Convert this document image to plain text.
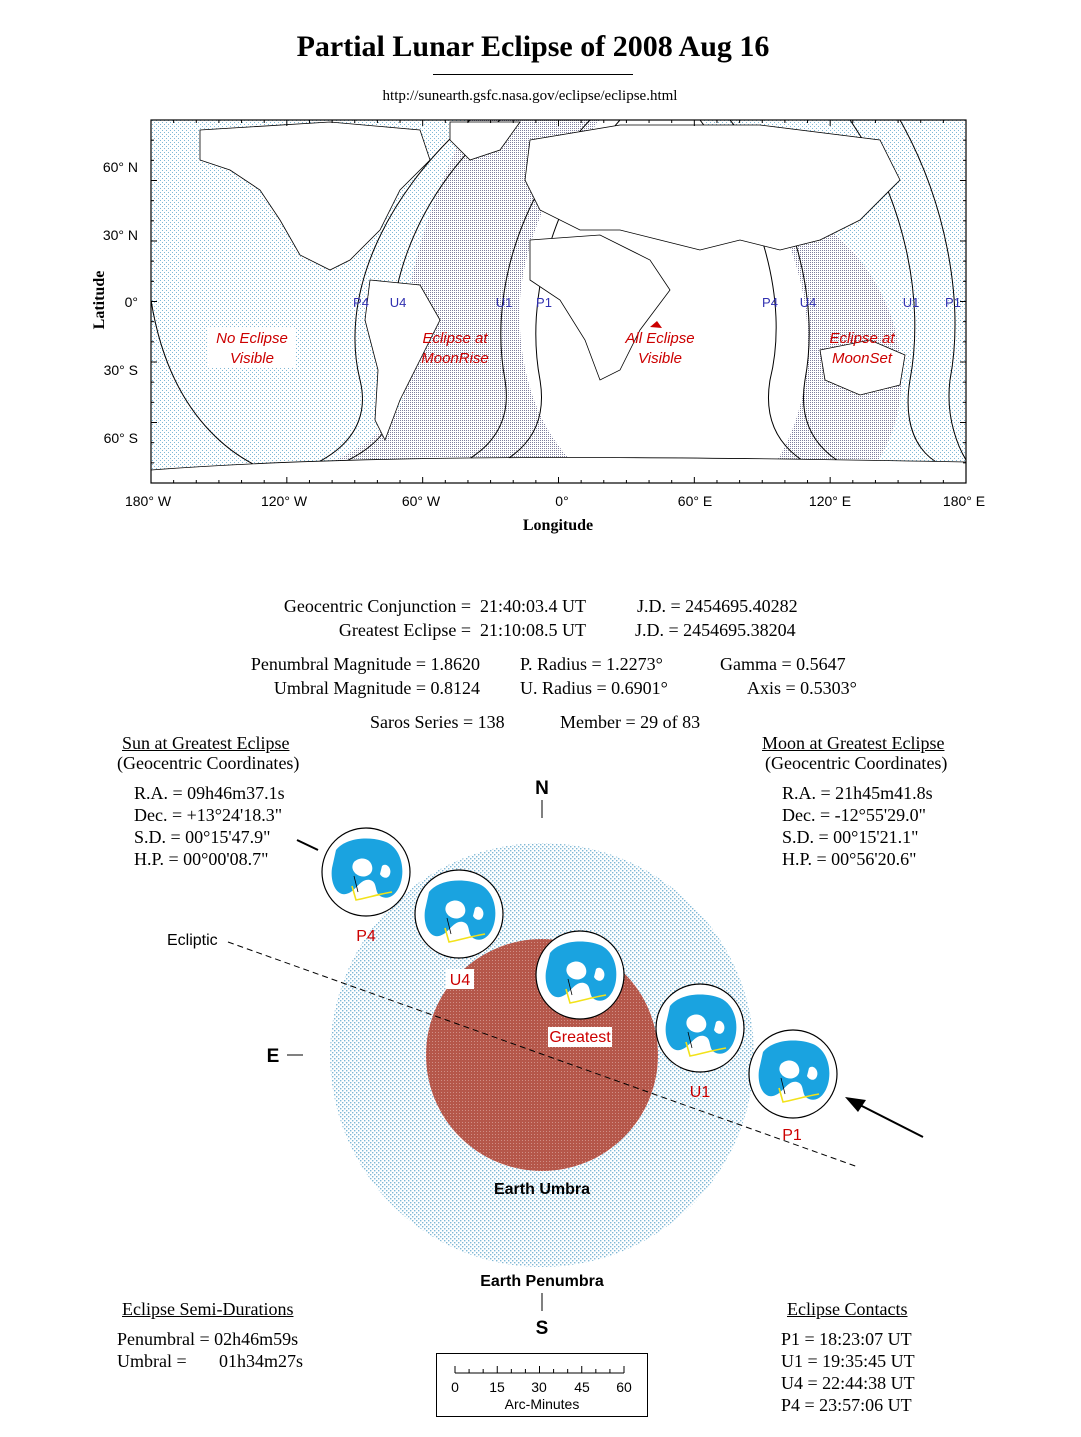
Partial Lunar Eclipse of 2008 Aug 16
http://sunearth.gsfc.nasa.gov/eclipse/eclipse.html
60° N
30° N
0°
30° S
60° S
Latitude
180° W	120° W	60° W	0°	60° E	120° E	180° E
Longitude
P4 U4	U1 P1	P4 U4	U1 P1
No Eclipse
Visible
Eclipse at
MoonRise
All Eclipse
Visible
Eclipse at
MoonSet
Geocentric Conjunction = 21:40:03.4 UT	J.D. = 2454695.40282
Greatest Eclipse = 21:10:08.5 UT	J.D. = 2454695.38204
Penumbral Magnitude = 1.8620
Umbral Magnitude = 0.8124
P. Radius = 1.2273°
U. Radius = 0.6901°
Gamma = 0.5647
Axis = 0.5303°
Saros Series = 138	Member = 29 of 83
Sun at Greatest Eclipse
(Geocentric Coordinates)
R.A. = 09h46m37.1s
Dec. = +13°24'18.3"
S.D. = 00°15'47.9"
H.P. = 00°00'08.7"
Moon at Greatest Eclipse
(Geocentric Coordinates)
R.A. = 21h45m41.8s
Dec. = -12°55'29.0"
S.D. = 00°15'21.1"
H.P. = 00°56'20.6"
P4
U4
Greatest
U1
P1
Ecliptic
Earth Umbra
Earth Penumbra
N
S
E
Eclipse Semi-Durations
Penumbral = 02h46m59s
Umbral = 01h34m27s
Eclipse Contacts
P1 = 18:23:07 UT
U1 = 19:35:45 UT
U4 = 22:44:38 UT
P4 = 23:57:06 UT
0 15 30 45 60
Arc-Minutes
